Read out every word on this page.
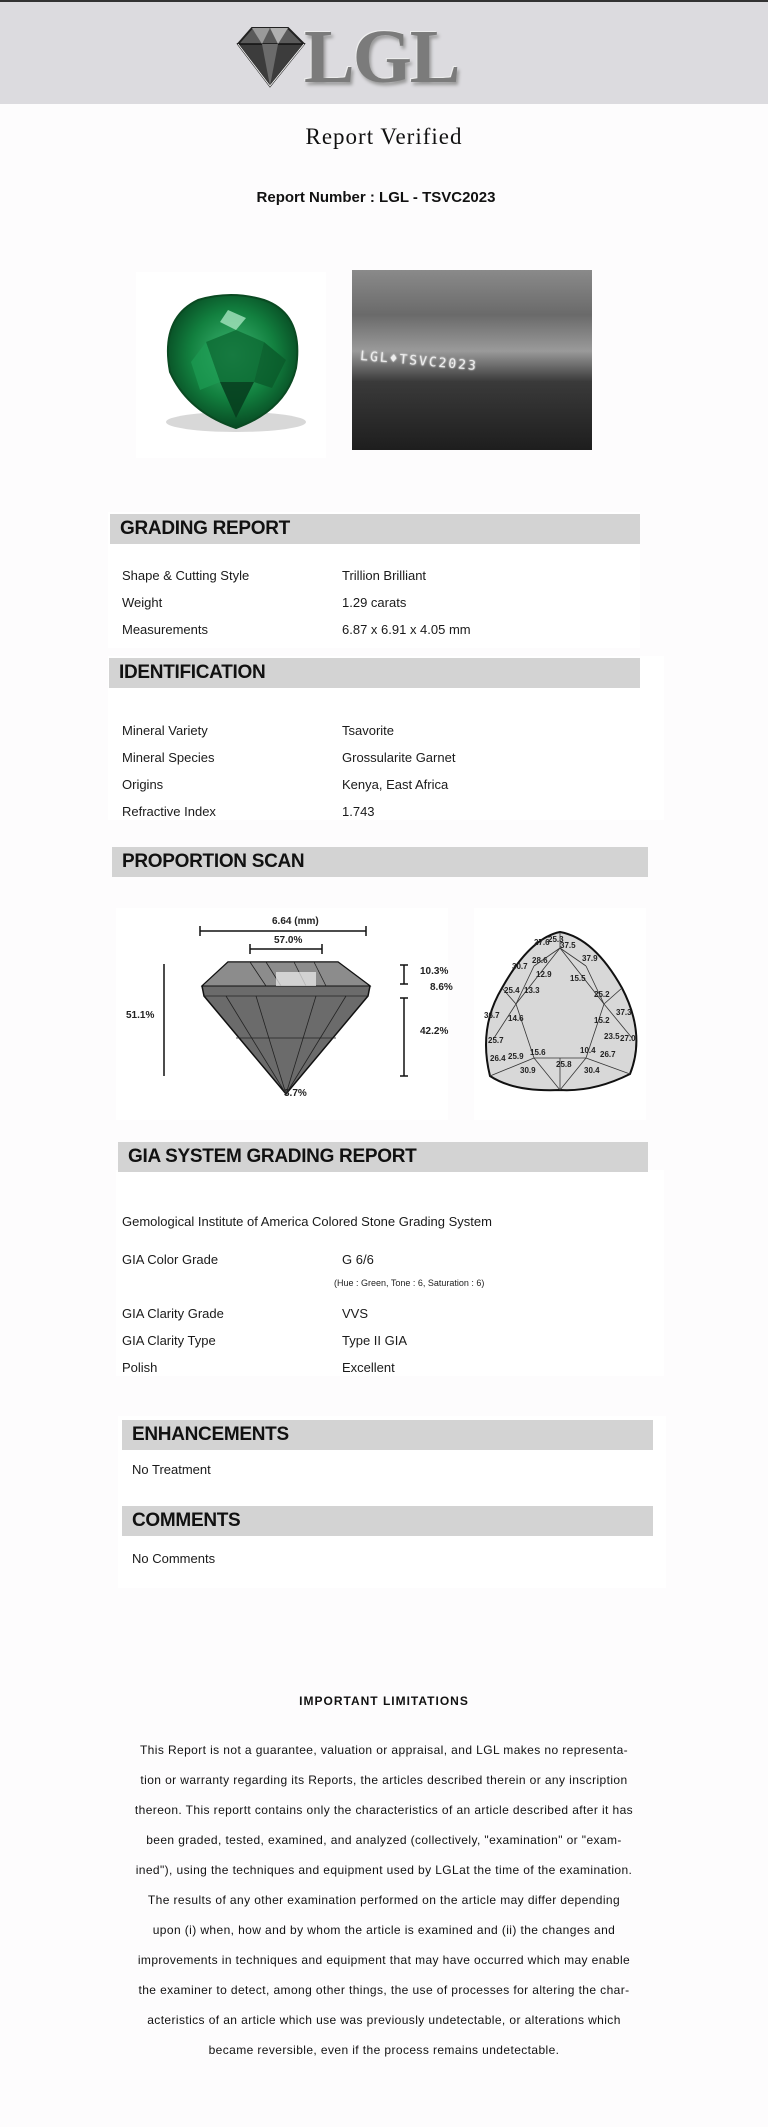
LGL
Report Verified
Report Number : LGL - TSVC2023
LGL♦TSVC2023
GRADING REPORT
Shape & Cutting Style	Trillion Brilliant
Weight	1.29 carats
Measurements	6.87 x 6.91 x 4.05 mm
IDENTIFICATION
Mineral Variety	Tsavorite
Mineral Species	Grossularite Garnet
Origins	Kenya, East Africa
Refractive Index	1.743
PROPORTION SCAN
6.64 (mm)
57.0%
51.1%
10.3%
8.6%
42.2%
3.7%
27.6
25.3
37.5
37.9
30.7
28.6
12.9 15.5
25.4 13.3	25.2
37.3
36.7 14.6	15.2
25.7	23.5 27.0
26.4 25.9 15.6	10.4 26.7
30.9
25.8
30.4
GIA SYSTEM GRADING REPORT
Gemological Institute of America Colored Stone Grading System
GIA Color Grade	G 6/6
(Hue : Green, Tone : 6, Saturation : 6)
GIA Clarity Grade	VVS
GIA Clarity Type	Type II GIA
Polish	Excellent
ENHANCEMENTS
No Treatment
COMMENTS
No Comments
IMPORTANT LIMITATIONS
This Report is not a guarantee, valuation or appraisal, and LGL makes no representa-
tion or warranty regarding its Reports, the articles described therein or any inscription
thereon. This reportt contains only the characteristics of an article described after it has
been graded, tested, examined, and analyzed (collectively, "examination" or "exam-
ined"), using the techniques and equipment used by LGLat the time of the examination.
The results of any other examination performed on the article may differ depending
upon (i) when, how and by whom the article is examined and (ii) the changes and
improvements in techniques and equipment that may have occurred which may enable
the examiner to detect, among other things, the use of processes for altering the char-
acteristics of an article which use was previously undetectable, or alterations which
became reversible, even if the process remains undetectable.
